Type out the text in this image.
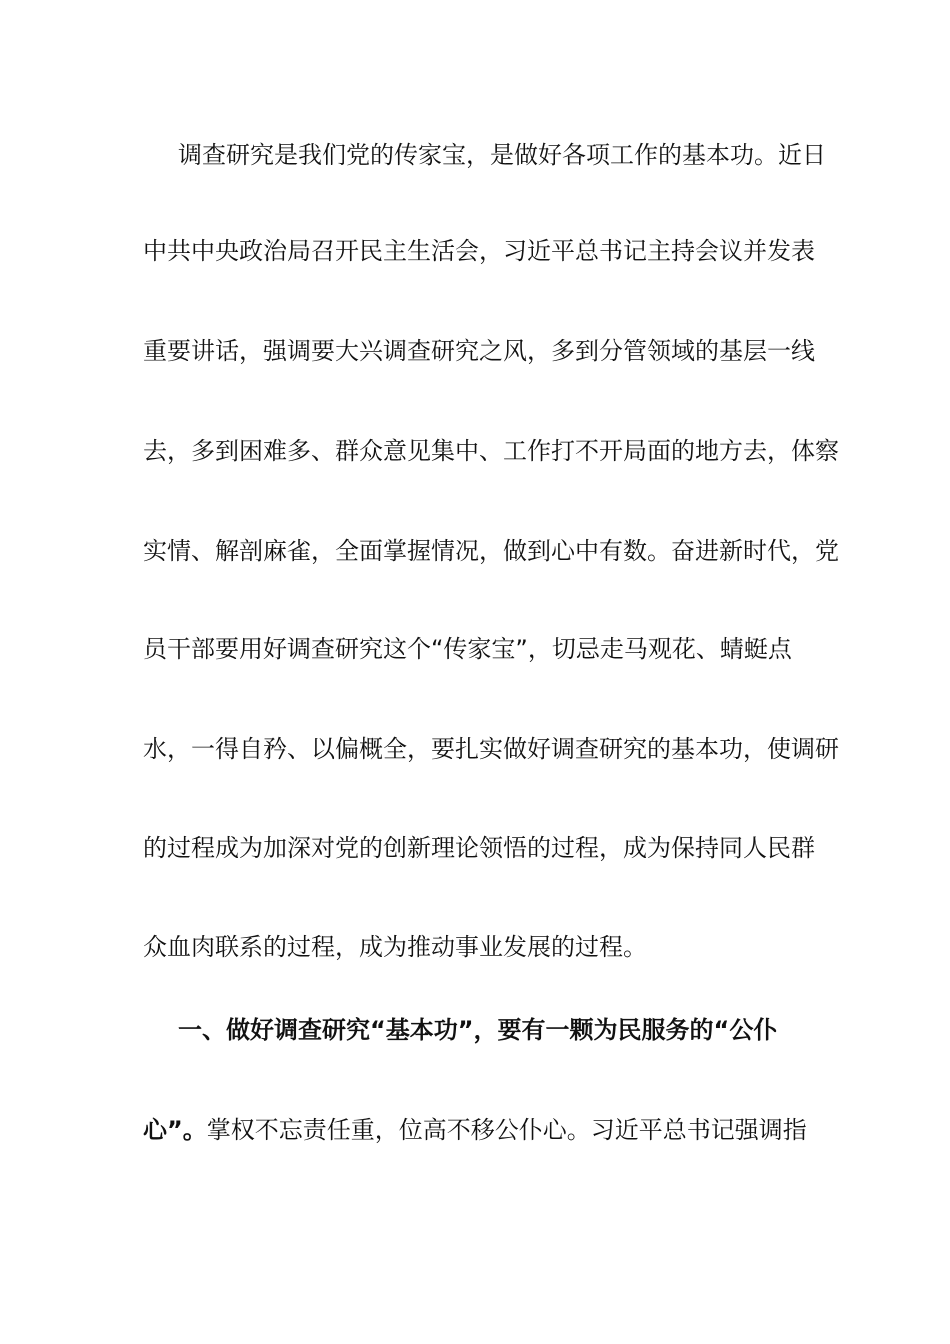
调查研究是我们党的传家宝，是做好各项工作的基本功。近日
中共中央政治局召开民主生活会，习近平总书记主持会议并发表
重要讲话，强调要大兴调查研究之风，多到分管领域的基层一线
去，多到困难多、群众意见集中、工作打不开局面的地方去，体察
实情、解剖麻雀，全面掌握情况，做到心中有数。奋进新时代，党
员干部要用好调查研究这个“传家宝”，切忌走马观花、蜻蜓点
水，一得自矜、以偏概全，要扎实做好调查研究的基本功，使调研
的过程成为加深对党的创新理论领悟的过程，成为保持同人民群
众血肉联系的过程，成为推动事业发展的过程。
一、做好调查研究“基本功”，要有一颗为民服务的“公仆
心”。掌权不忘责任重，位高不移公仆心。习近平总书记强调指
